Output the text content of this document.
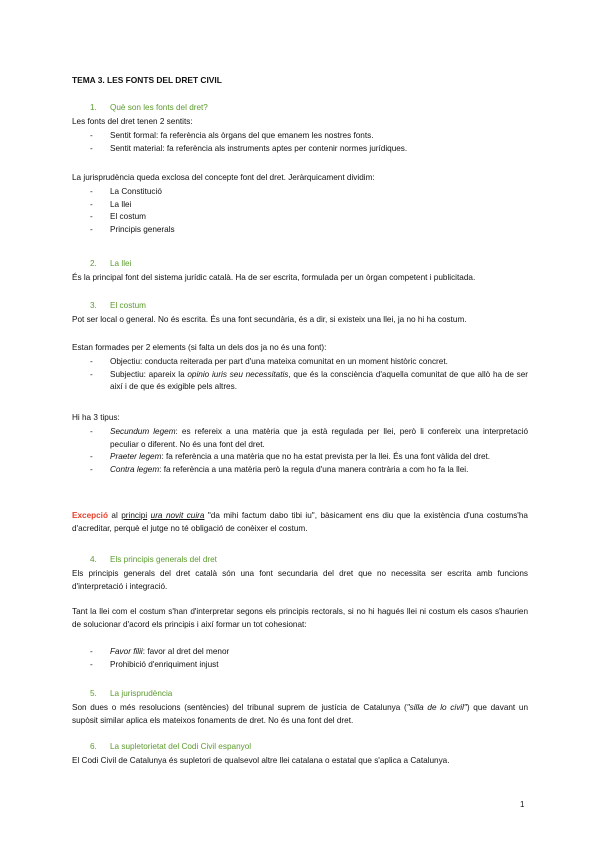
TEMA 3. LES FONTS DEL DRET CIVIL
1. Què son les fonts del dret?
Les fonts del dret tenen 2 sentits:
- Sentit formal: fa referència als òrgans del que emanem les nostres fonts.
- Sentit material: fa referència als instruments aptes per contenir normes jurídiques.
La jurisprudència queda exclosa del concepte font del dret. Jeràrquicament dividim:
- La Constitució
- La llei
- El costum
- Principis generals
2. La llei
És la principal font del sistema jurídic català. Ha de ser escrita, formulada per un òrgan competent i publicitada.
3. El costum
Pot ser local o general. No és escrita. És una font secundària, és a dir, si existeix una llei, ja no hi ha costum.
Estan formades per 2 elements (si falta un dels dos ja no és una font):
- Objectiu: conducta reiterada per part d'una mateixa comunitat en un moment històric concret.
- Subjectiu: apareix la opinio iuris seu necessitatis, que és la consciència d'aquella comunitat de que allò ha de ser així i de que és exigible pels altres.
Hi ha 3 tipus:
- Secundum legem: es refereix a una matèria que ja està regulada per llei, però li confereix una interpretació peculiar o diferent. No és una font del dret.
- Praeter legem: fa referència a una matèria que no ha estat prevista per la llei. És una font vàlida del dret.
- Contra legem: fa referència a una matèria però la regula d'una manera contrària a com ho fa la llei.
Excepció al principi ura novit cuira "da mihi factum dabo tibi iu", bàsicament ens diu que la existència d'una costums'ha d'acreditar, perquè el jutge no té obligació de conèixer el costum.
4. Els principis generals del dret
Els principis generals del dret català són una font secundaria del dret que no necessita ser escrita amb funcions d'interpretació i integració.
Tant la llei com el costum s'han d'interpretar segons els principis rectorals, si no hi hagués llei ni costum els casos s'haurien de solucionar d'acord els principis i així formar un tot cohesionat:
- Favor filii: favor al dret del menor
- Prohibició d'enriquiment injust
5. La jurisprudència
Son dues o més resolucions (sentències) del tribunal suprem de justícia de Catalunya ("silla de lo civil") que davant un supòsit similar aplica els mateixos fonaments de dret. No és una font del dret.
6. La supletorietat del Codi Civil espanyol
El Codi Civil de Catalunya és supletori de qualsevol altre llei catalana o estatal que s'aplica a Catalunya.
1
